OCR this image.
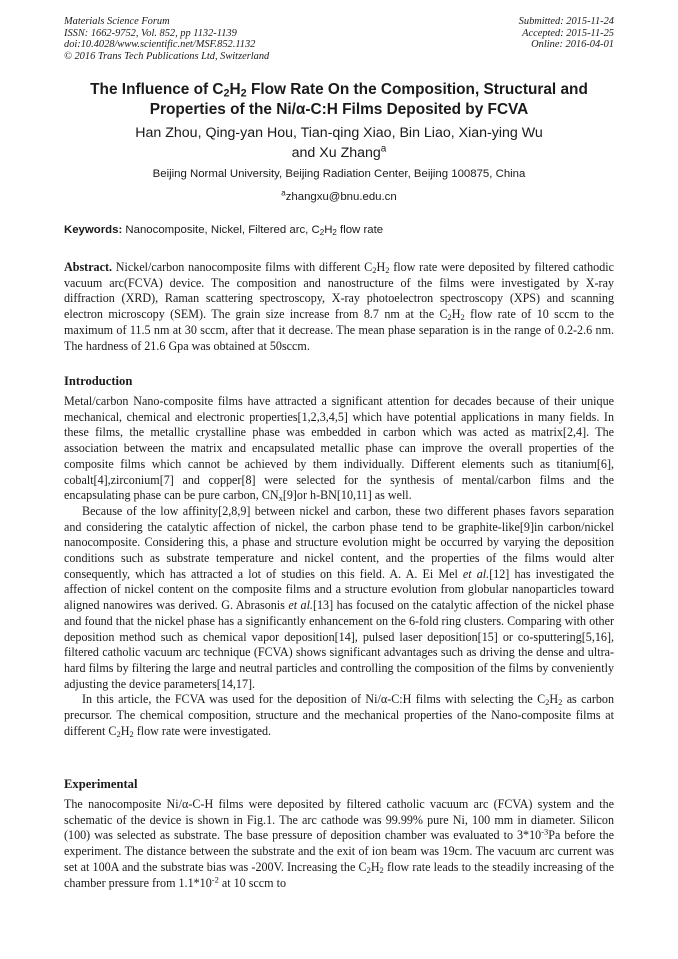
Materials Science Forum
ISSN: 1662-9752, Vol. 852, pp 1132-1139
doi:10.4028/www.scientific.net/MSF.852.1132
© 2016 Trans Tech Publications Ltd, Switzerland
Submitted: 2015-11-24
Accepted: 2015-11-25
Online: 2016-04-01
The Influence of $C_2H_2$ Flow Rate On the Composition, Structural and Properties of the Ni/α-C:H Films Deposited by FCVA
Han Zhou, Qing-yan Hou, Tian-qing Xiao, Bin Liao, Xian-ying Wu
and Xu Zhang$^a$
Beijing Normal University, Beijing Radiation Center, Beijing 100875, China
$^a$zhangxu@bnu.edu.cn
Keywords: Nanocomposite, Nickel, Filtered arc, $C_2H_2$ flow rate
Abstract. Nickel/carbon nanocomposite films with different $C_2H_2$ flow rate were deposited by filtered cathodic vacuum arc(FCVA) device. The composition and nanostructure of the films were investigated by X-ray diffraction (XRD), Raman scattering spectroscopy, X-ray photoelectron spectroscopy (XPS) and scanning electron microscopy (SEM). The grain size increase from 8.7 nm at the $C_2H_2$ flow rate of 10 sccm to the maximum of 11.5 nm at 30 sccm, after that it decrease. The mean phase separation is in the range of 0.2-2.6 nm. The hardness of 21.6 Gpa was obtained at 50sccm.
Introduction

Metal/carbon Nano-composite films have attracted a significant attention for decades because of their unique mechanical, chemical and electronic properties[1,2,3,4,5] which have potential applications in many fields. In these films, the metallic crystalline phase was embedded in carbon which was acted as matrix[2,4]. The association between the matrix and encapsulated metallic phase can improve the overall properties of the composite films which cannot be achieved by them individually. Different elements such as titanium[6], cobalt[4],zirconium[7] and copper[8] were selected for the synthesis of mental/carbon films and the encapsulating phase can be pure carbon, $CN_x[9]or$ h-BN[10,11] as well.

Because of the low affinity[2,8,9] between nickel and carbon, these two different phases favors separation and considering the catalytic affection of nickel, the carbon phase tend to be graphite-like[9]in carbon/nickel nanocomposite. Considering this, a phase and structure evolution might be occurred by varying the deposition conditions such as substrate temperature and nickel content, and the properties of the films would alter consequently, which has attracted a lot of studies on this field. A. A. Ei Mel et al.[12] has investigated the affection of nickel content on the composite films and a structure evolution from globular nanoparticles toward aligned nanowires was derived. G. Abrasonis et al.[13] has focused on the catalytic affection of the nickel phase and found that the nickel phase has a significantly enhancement on the 6-fold ring clusters. Comparing with other deposition method such as chemical vapor deposition[14], pulsed laser deposition[15] or co-sputtering[5,16], filtered catholic vacuum arc technique (FCVA) shows significant advantages such as driving the dense and ultra-hard films by filtering the large and neutral particles and controlling the composition of the films by conveniently adjusting the device parameters[14,17].

In this article, the FCVA was used for the deposition of Ni/α-C:H films with selecting the $C_2H_2$ as carbon precursor. The chemical composition, structure and the mechanical properties of the Nano-composite films at different $C_2H_2$ flow rate were investigated.

Experimental

The nanocomposite Ni/α-C-H films were deposited by filtered catholic vacuum arc (FCVA) system and the schematic of the device is shown in Fig.1. The arc cathode was 99.99% pure Ni, 100 mm in diameter. Silicon (100) was selected as substrate. The base pressure of deposition chamber was evaluated to $3*10^{-3}Pa$ before the experiment. The distance between the substrate and the exit of ion beam was 19cm. The vacuum arc current was set at 100A and the substrate bias was -200V. Increasing the $C_2H_2$ flow rate leads to the steadily increasing of the chamber pressure from $1.1*10^{-2}$ at 10 sccm to
